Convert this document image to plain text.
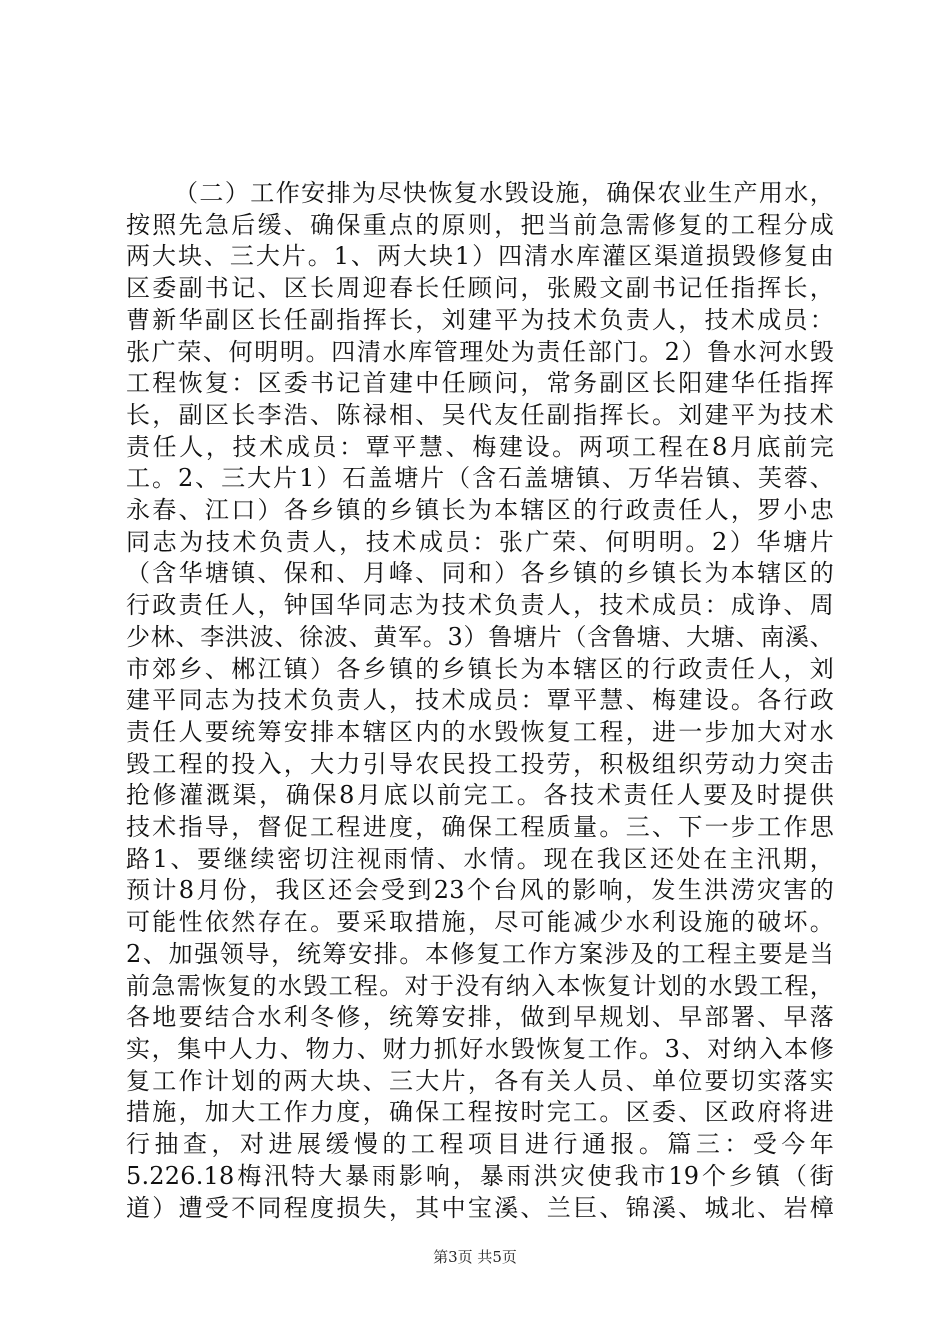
（二）工作安排为尽快恢复水毁设施，确保农业生产用水，
按照先急后缓、确保重点的原则，把当前急需修复的工程分成
两大块、三大片。1、两大块1）四清水库灌区渠道损毁修复由
区委副书记、区长周迎春长任顾问，张殿文副书记任指挥长，
曹新华副区长任副指挥长，刘建平为技术负责人，技术成员：
张广荣、何明明。四清水库管理处为责任部门。2）鲁水河水毁
工程恢复：区委书记首建中任顾问，常务副区长阳建华任指挥
长，副区长李浩、陈禄相、吴代友任副指挥长。刘建平为技术
责任人，技术成员：覃平慧、梅建设。两项工程在8月底前完
工。2、三大片1）石盖塘片（含石盖塘镇、万华岩镇、芙蓉、
永春、江口）各乡镇的乡镇长为本辖区的行政责任人，罗小忠
同志为技术负责人，技术成员：张广荣、何明明。2）华塘片
（含华塘镇、保和、月峰、同和）各乡镇的乡镇长为本辖区的
行政责任人，钟国华同志为技术负责人，技术成员：成诤、周
少林、李洪波、徐波、黄军。3）鲁塘片（含鲁塘、大塘、南溪、
市郊乡、郴江镇）各乡镇的乡镇长为本辖区的行政责任人，刘
建平同志为技术负责人，技术成员：覃平慧、梅建设。各行政
责任人要统筹安排本辖区内的水毁恢复工程，进一步加大对水
毁工程的投入，大力引导农民投工投劳，积极组织劳动力突击
抢修灌溉渠，确保8月底以前完工。各技术责任人要及时提供
技术指导，督促工程进度，确保工程质量。三、下一步工作思
路1、要继续密切注视雨情、水情。现在我区还处在主汛期，
预计8月份，我区还会受到23个台风的影响，发生洪涝灾害的
可能性依然存在。要采取措施，尽可能减少水利设施的破坏。
2、加强领导，统筹安排。本修复工作方案涉及的工程主要是当
前急需恢复的水毁工程。对于没有纳入本恢复计划的水毁工程，
各地要结合水利冬修，统筹安排，做到早规划、早部署、早落
实，集中人力、物力、财力抓好水毁恢复工作。3、对纳入本修
复工作计划的两大块、三大片，各有关人员、单位要切实落实
措施，加大工作力度，确保工程按时完工。区委、区政府将进
行抽查，对进展缓慢的工程项目进行通报。篇三：受今年
5.226.18梅汛特大暴雨影响，暴雨洪灾使我市19个乡镇（街
道）遭受不同程度损失，其中宝溪、兰巨、锦溪、城北、岩樟
第3页 共5页
